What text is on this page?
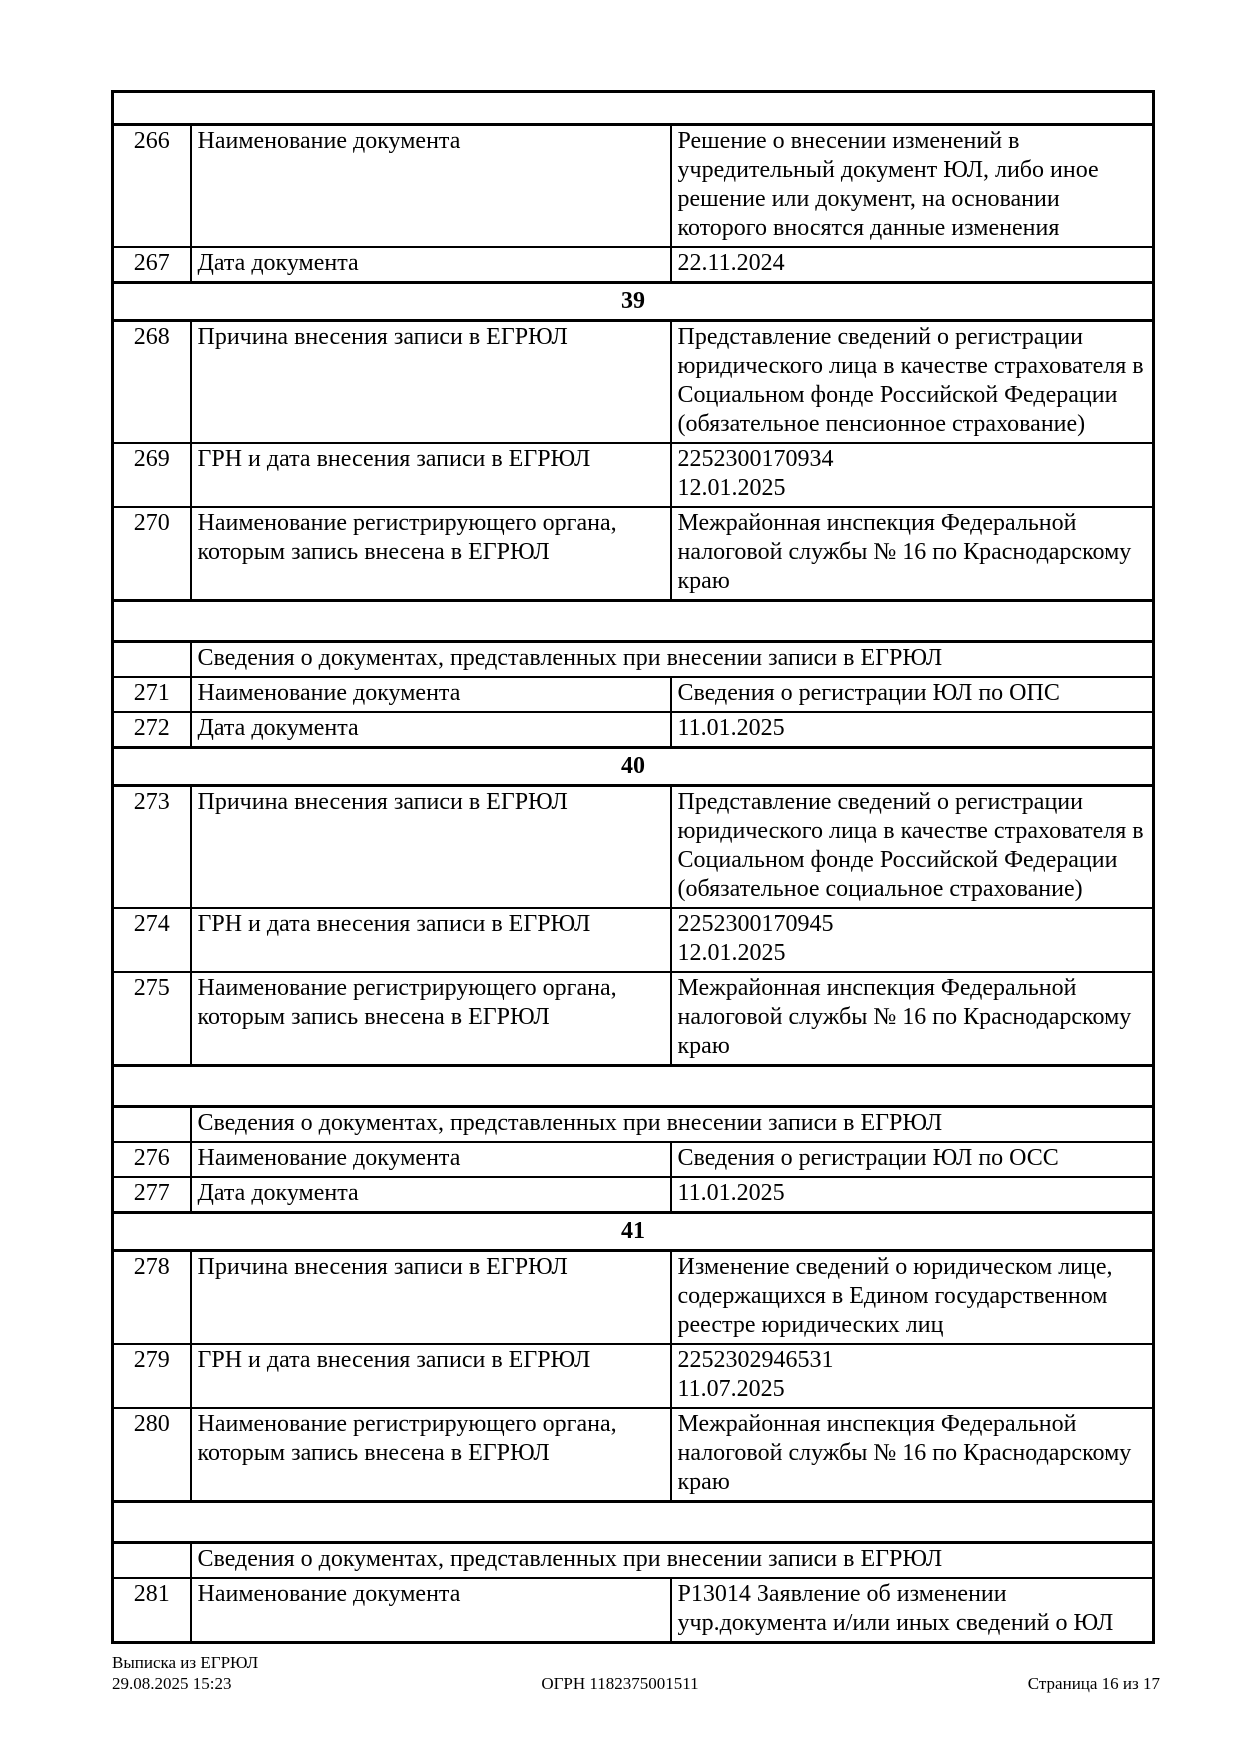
266	Наименование документа	Решение о внесении изменений в учредительный документ ЮЛ, либо иное решение или документ, на основании которого вносятся данные изменения
267	Дата документа	22.11.2024
39		
268	Причина внесения записи в ЕГРЮЛ	Представление сведений о регистрации юридического лица в качестве страхователя в Социальном фонде Российской Федерации (обязательное пенсионное страхование)
269	ГРН и дата внесения записи в ЕГРЮЛ	2252300170934
12.01.2025

270	Наименование регистрирующего органа, которым запись внесена в ЕГРЮЛ	Межрайонная инспекция Федеральной налоговой службы № 16 по Краснодарскому краю

	Сведения о документах, представленных при внесении записи в ЕГРЮЛ	
271	Наименование документа	Сведения о регистрации ЮЛ по ОПС
272	Дата документа	11.01.2025
40		
273	Причина внесения записи в ЕГРЮЛ	Представление сведений о регистрации юридического лица в качестве страхователя в Социальном фонде Российской Федерации (обязательное социальное страхование)
274	ГРН и дата внесения записи в ЕГРЮЛ	2252300170945
12.01.2025

275	Наименование регистрирующего органа, которым запись внесена в ЕГРЮЛ	Межрайонная инспекция Федеральной налоговой службы № 16 по Краснодарскому краю

	Сведения о документах, представленных при внесении записи в ЕГРЮЛ	
276	Наименование документа	Сведения о регистрации ЮЛ по ОСС
277	Дата документа	11.01.2025
41		
278	Причина внесения записи в ЕГРЮЛ	Изменение сведений о юридическом лице, содержащихся в Едином государственном реестре юридических лиц
279	ГРН и дата внесения записи в ЕГРЮЛ	2252302946531
11.07.2025

280	Наименование регистрирующего органа, которым запись внесена в ЕГРЮЛ	Межрайонная инспекция Федеральной налоговой службы № 16 по Краснодарскому краю

	Сведения о документах, представленных при внесении записи в ЕГРЮЛ	
281	Наименование документа	Р13014 Заявление об изменении учр.документа и/или иных сведений о ЮЛ
Выписка из ЕГРЮЛ
29.08.2025 15:23	ОГРН 1182375001511	Страница 16 из 17
